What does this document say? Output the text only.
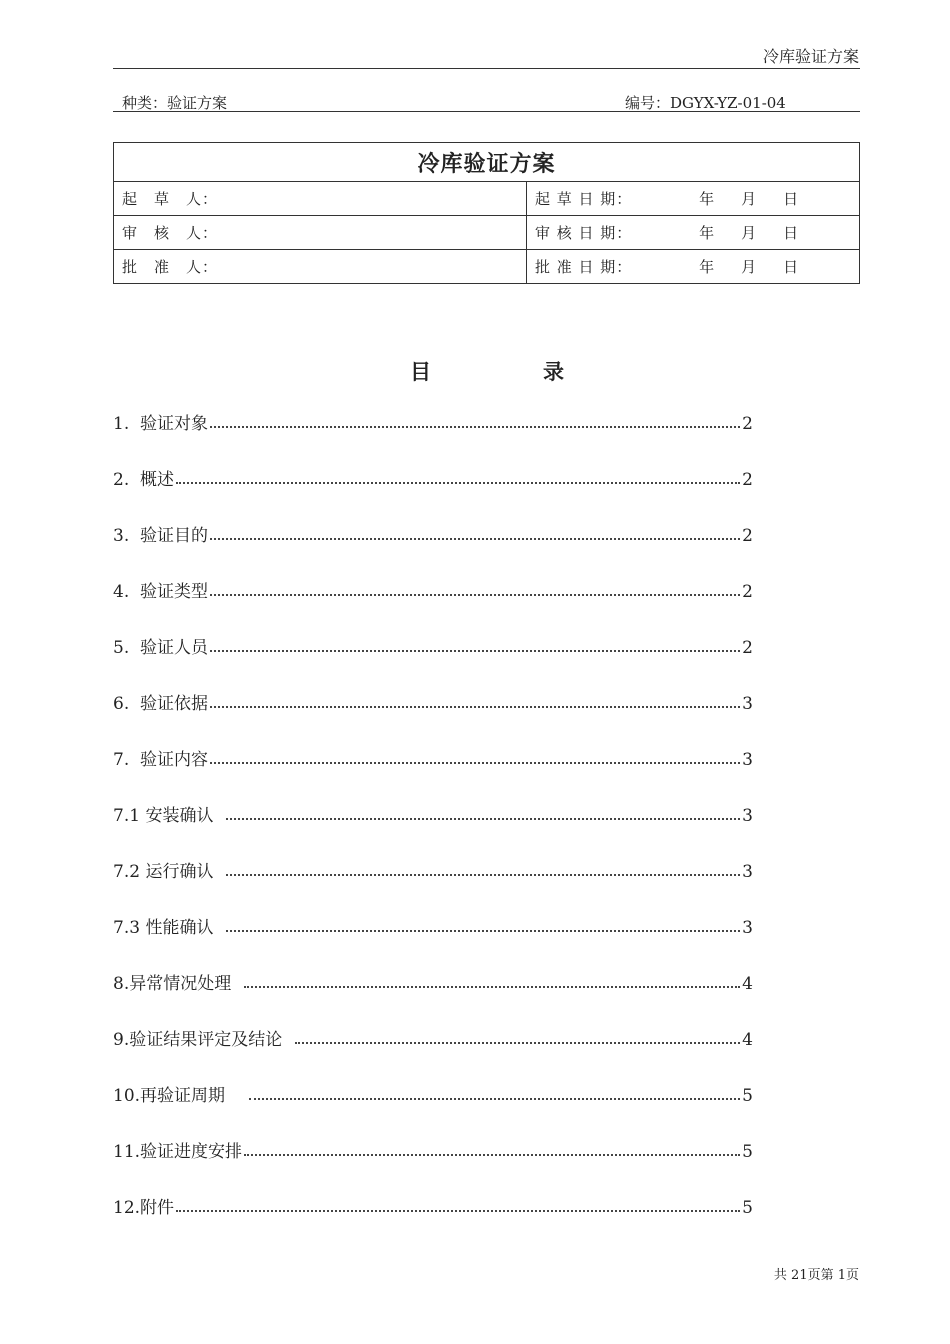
冷库验证方案
种类：验证方案	编号：DGYX-YZ-01-04
冷库验证方案	
起　草　人：	起 草 日 期： 年 月 日
审　核　人：	审 核 日 期： 年 月 日
批　准　人：	批 准 日 期： 年 月 日
目	录
1.  验证对象	2
2.  概述	2
3.  验证目的	2
4.  验证类型	2
5.  验证人员	2
6.  验证依据	3
7.  验证内容	3
7.1 安装确认	3
7.2 运行确认	3
7.3 性能确认	3
8.异常情况处理	4
9.验证结果评定及结论	4
10.再验证周期	5
11.验证进度安排	5
12.附件	5
共 21页第 1页
